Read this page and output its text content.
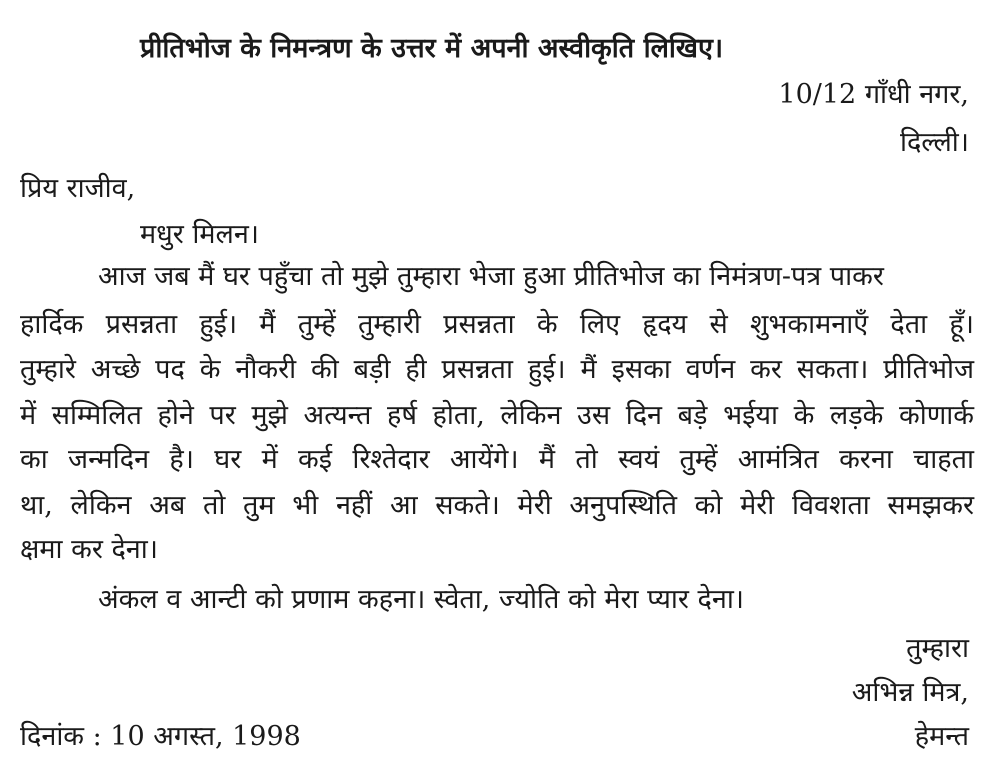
प्रीतिभोज के निमन्त्रण के उत्तर में अपनी अस्वीकृति लिखिए।
10/12 गाँधी नगर,
दिल्ली।
प्रिय राजीव,
मधुर मिलन।
आज जब मैं घर पहुँचा तो मुझे तुम्हारा भेजा हुआ प्रीतिभोज का निमंत्रण-पत्र पाकर
हार्दिक प्रसन्नता हुई। मैं तुम्हें तुम्हारी प्रसन्नता के लिए हृदय से शुभकामनाएँ देता हूँ।
तुम्हारे अच्छे पद के नौकरी की बड़ी ही प्रसन्नता हुई। मैं इसका वर्णन कर सकता। प्रीतिभोज
में सम्मिलित होने पर मुझे अत्यन्त हर्ष होता, लेकिन उस दिन बड़े भईया के लड़के कोणार्क
का जन्मदिन है। घर में कई रिश्तेदार आयेंगे। मैं तो स्वयं तुम्हें आमंत्रित करना चाहता
था, लेकिन अब तो तुम भी नहीं आ सकते। मेरी अनुपस्थिति को मेरी विवशता समझकर
क्षमा कर देना।
अंकल व आन्टी को प्रणाम कहना। स्वेता, ज्योति को मेरा प्यार देना।
तुम्हारा
अभिन्न मित्र,
दिनांक : 10 अगस्त, 1998	हेमन्त
